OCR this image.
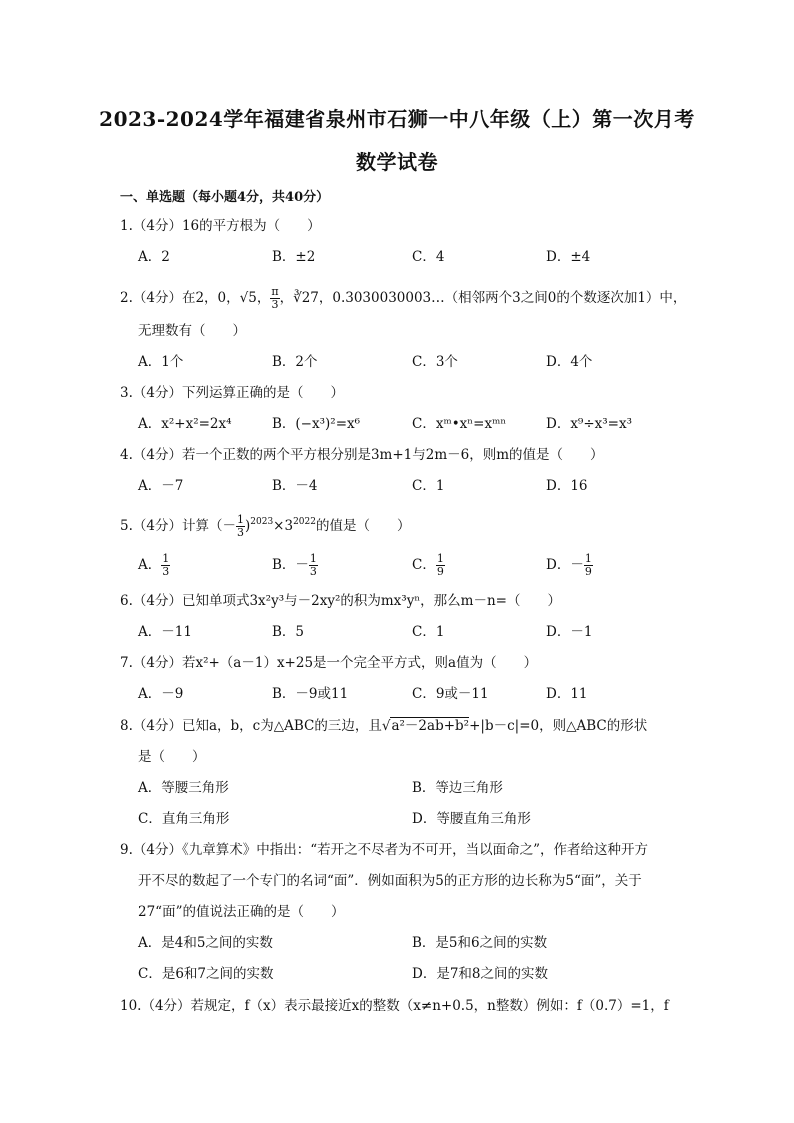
2023-2024学年福建省泉州市石狮一中八年级（上）第一次月考
数学试卷
一、单选题（每小题4分，共40分）
1.（4分）16的平方根为（　　）
A．2	B．±2	C．4	D．±4
2.（4分）在2，0，√5， $\frac{\pi}{3}$ ，∛27，0.3030030003…（相邻两个3之间0的个数逐次加1）中，
无理数有（　　）
A．1个	B．2个	C．3个	D．4个
3.（4分）下列运算正确的是（　　）
A．x²+x²=2x⁴	B．(−x³)²=x⁶	C．xᵐ•xⁿ=xᵐⁿ	D．x⁹÷x³=x³
4.（4分）若一个正数的两个平方根分别是3m+1与2m－6，则m的值是（　　）
A．－7	B．－4	C．1	D．16
5.（4分）计算（－ $\frac{1}{3} )^{2023}\times 3^{2022}$的值是（　　）
A． $\frac{1}{3}$	B．－ $\frac{1}{3}$	C． $\frac{1}{9}$	D．－ $\frac{1}{9}$
6.（4分）已知单项式3x²y³与－2xy²的积为mx³yⁿ，那么m－n=（　　）
A．－11	B．5	C．1	D．－1
7.（4分）若x²+（a－1）x+25是一个完全平方式，则a值为（　　）
A．－9	B．－9或11	C．9或－11	D．11
8.（4分）已知a，b，c为△ABC的三边，且√a²－2ab+b²+|b－c|=0，则△ABC的形状
是（　　）
A．等腰三角形	B．等边三角形
C．直角三角形	D．等腰直角三角形
9.（4分）《九章算术》中指出：“若开之不尽者为不可开，当以面命之”，作者给这种开方
开不尽的数起了一个专门的名词“面”．例如面积为5的正方形的边长称为5“面”，关于
27“面”的值说法正确的是（　　）
A．是4和5之间的实数	B．是5和6之间的实数
C．是6和7之间的实数	D．是7和8之间的实数
10.（4分）若规定，f（x）表示最接近x的整数（x≠n+0.5，n整数）例如：f（0.7）=1，f
